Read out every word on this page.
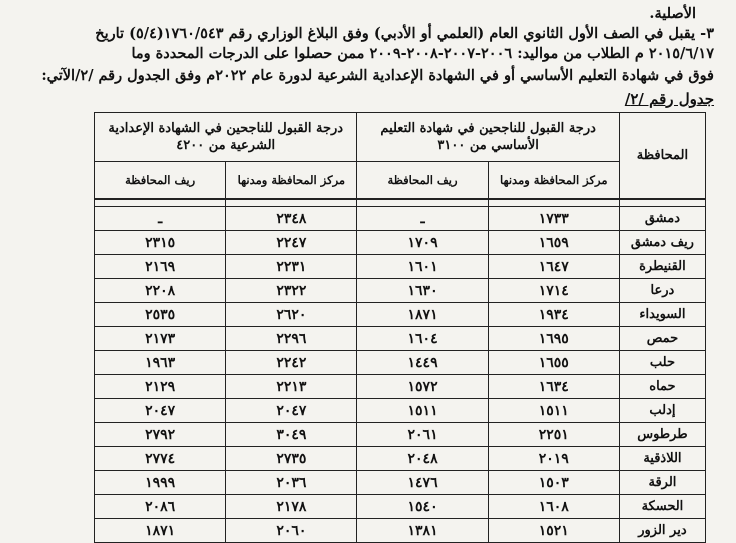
الأصلية.
٣- يقبل في الصف الأول الثانوي العام (العلمي أو الأدبي) وفق البلاغ الوزاري رقم ١٧٦٠/٥٤٣(٥/٤) تاريخ
٢٠١٥/٦/١٧ م الطلاب من مواليد: ٢٠٠٦-٢٠٠٧-٢٠٠٨-٢٠٠٩ ممن حصلوا على الدرجات المحددة وما
فوق في شهادة التعليم الأساسي أو في الشهادة الإعدادية الشرعية لدورة عام ٢٠٢٢م وفق الجدول رقم /٢/الآتي:
جدول رقم /٢/
المحافظة	درجة القبول للناجحين في شهادة التعليم الأساسي من ٣١٠٠		درجة القبول للناجحين في الشهادة الإعدادية الشرعية من ٤٢٠٠	
	مركز المحافظة ومدنها	ريف المحافظة	مركز المحافظة ومدنها	ريف المحافظة

دمشق	١٧٣٣	ـ	٢٣٤٨	ـ
ريف دمشق	١٦٥٩	١٧٠٩	٢٢٤٧	٢٣١٥
القنيطرة	١٦٤٧	١٦٠١	٢٢٣١	٢١٦٩
درعا	١٧١٤	١٦٣٠	٢٣٢٢	٢٢٠٨
السويداء	١٩٣٤	١٨٧١	٢٦٢٠	٢٥٣٥
حمص	١٦٩٥	١٦٠٤	٢٢٩٦	٢١٧٣
حلب	١٦٥٥	١٤٤٩	٢٢٤٢	١٩٦٣
حماه	١٦٣٤	١٥٧٢	٢٢١٣	٢١٢٩
إدلب	١٥١١	١٥١١	٢٠٤٧	٢٠٤٧
طرطوس	٢٢٥١	٢٠٦١	٣٠٤٩	٢٧٩٢
اللاذقية	٢٠١٩	٢٠٤٨	٢٧٣٥	٢٧٧٤
الرقة	١٥٠٣	١٤٧٦	٢٠٣٦	١٩٩٩
الحسكة	١٦٠٨	١٥٤٠	٢١٧٨	٢٠٨٦
دير الزور	١٥٢١	١٣٨١	٢٠٦٠	١٨٧١
